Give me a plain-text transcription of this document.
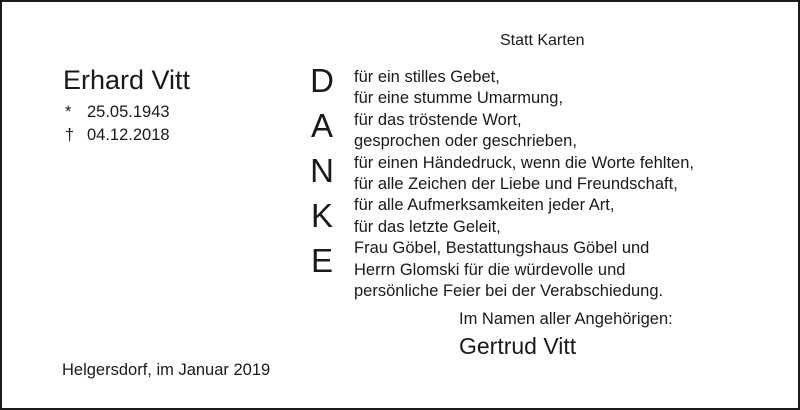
Statt Karten
Erhard Vitt
* 25.05.1943
† 04.12.2018
D
A
N
K
E
für ein stilles Gebet,
für eine stumme Umarmung,
für das tröstende Wort,
gesprochen oder geschrieben,
für einen Händedruck, wenn die Worte fehlten,
für alle Zeichen der Liebe und Freundschaft,
für alle Aufmerksamkeiten jeder Art,
für das letzte Geleit,
Frau Göbel, Bestattungshaus Göbel und
Herrn Glomski für die würdevolle und
persönliche Feier bei der Verabschiedung.
Im Namen aller Angehörigen:
Gertrud Vitt
Helgersdorf, im Januar 2019
